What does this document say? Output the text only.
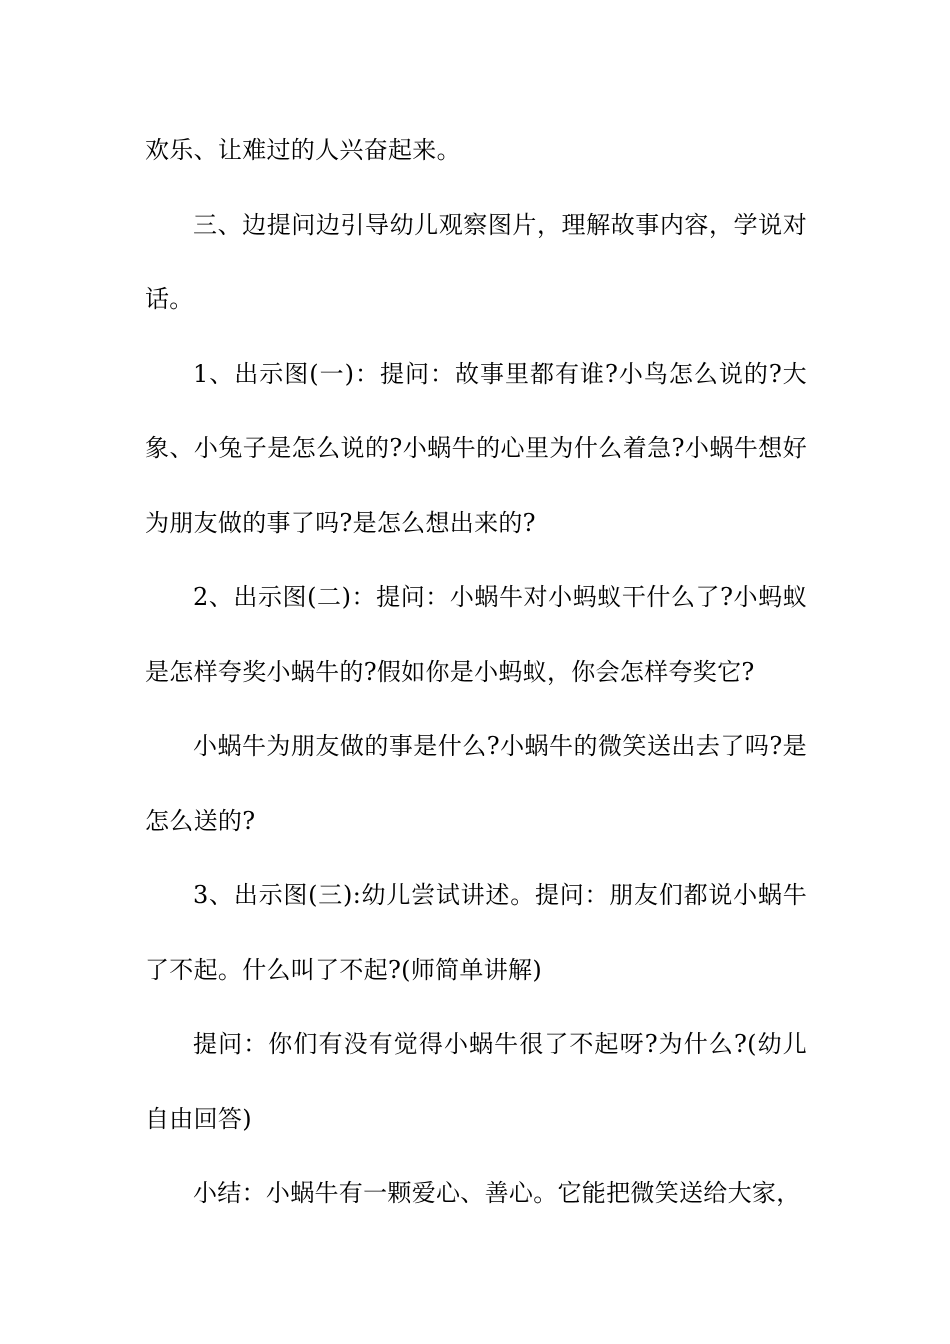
欢乐、让难过的人兴奋起来。

三、边提问边引导幼儿观察图片，理解故事内容，学说对话。

1、出示图(一)：提问：故事里都有谁?小鸟怎么说的?大象、小兔子是怎么说的?小蜗牛的心里为什么着急?小蜗牛想好为朋友做的事了吗?是怎么想出来的?

2、出示图(二)：提问：小蜗牛对小蚂蚁干什么了?小蚂蚁是怎样夸奖小蜗牛的?假如你是小蚂蚁，你会怎样夸奖它?

小蜗牛为朋友做的事是什么?小蜗牛的微笑送出去了吗?是怎么送的?

3、出示图(三):幼儿尝试讲述。提问：朋友们都说小蜗牛了不起。什么叫了不起?(师简单讲解)

提问：你们有没有觉得小蜗牛很了不起呀?为什么?(幼儿自由回答)

小结：小蜗牛有一颗爱心、善心。它能把微笑送给大家，
